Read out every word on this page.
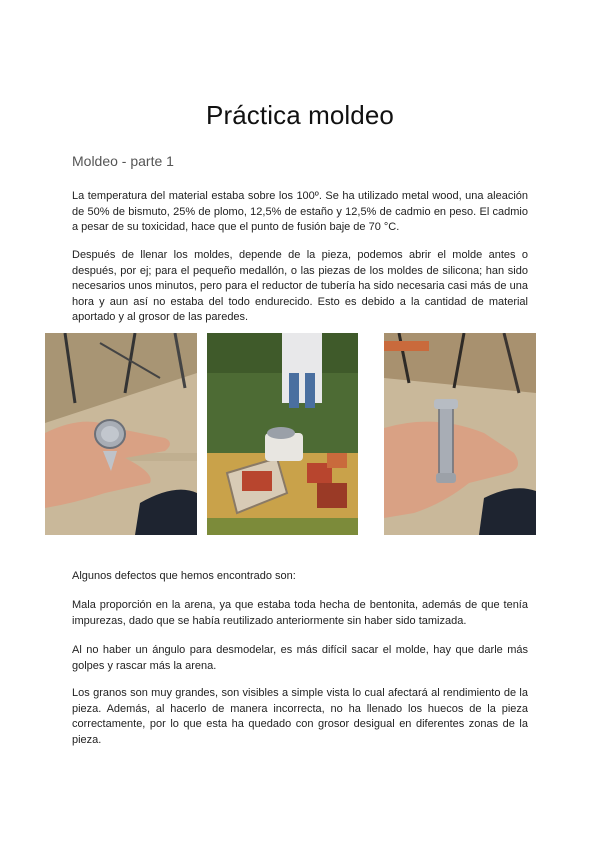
Práctica moldeo
Moldeo - parte 1

La temperatura del material estaba sobre los 100º. Se ha utilizado metal wood, una aleación de 50% de bismuto, 25% de plomo, 12,5% de estaño y 12,5% de cadmio en peso. El cadmio a pesar de su toxicidad, hace que el punto de fusión baje de 70 °C.

Después de llenar los moldes, depende de la pieza, podemos abrir el molde antes o después, por ej; para el pequeño medallón, o las piezas de los moldes de silicona; han sido necesarios unos minutos, pero para el reductor de tubería ha sido necesaria casi más de una hora y aun así no estaba del todo endurecido. Esto es debido a la cantidad de material aportado y al grosor de las paredes.

Algunos defectos que hemos encontrado son:

Mala proporción en la arena, ya que estaba toda hecha de bentonita, además de que tenía impurezas, dado que se había reutilizado anteriormente sin haber sido tamizada.

Al no haber un ángulo para desmodelar, es más difícil sacar el molde, hay que darle más golpes y rascar más la arena.

Los granos son muy grandes, son visibles a simple vista lo cual afectará al rendimiento de la pieza. Además, al hacerlo de manera incorrecta, no ha llenado los huecos de la pieza correctamente, por lo que esta ha quedado con grosor desigual en diferentes zonas de la pieza.
